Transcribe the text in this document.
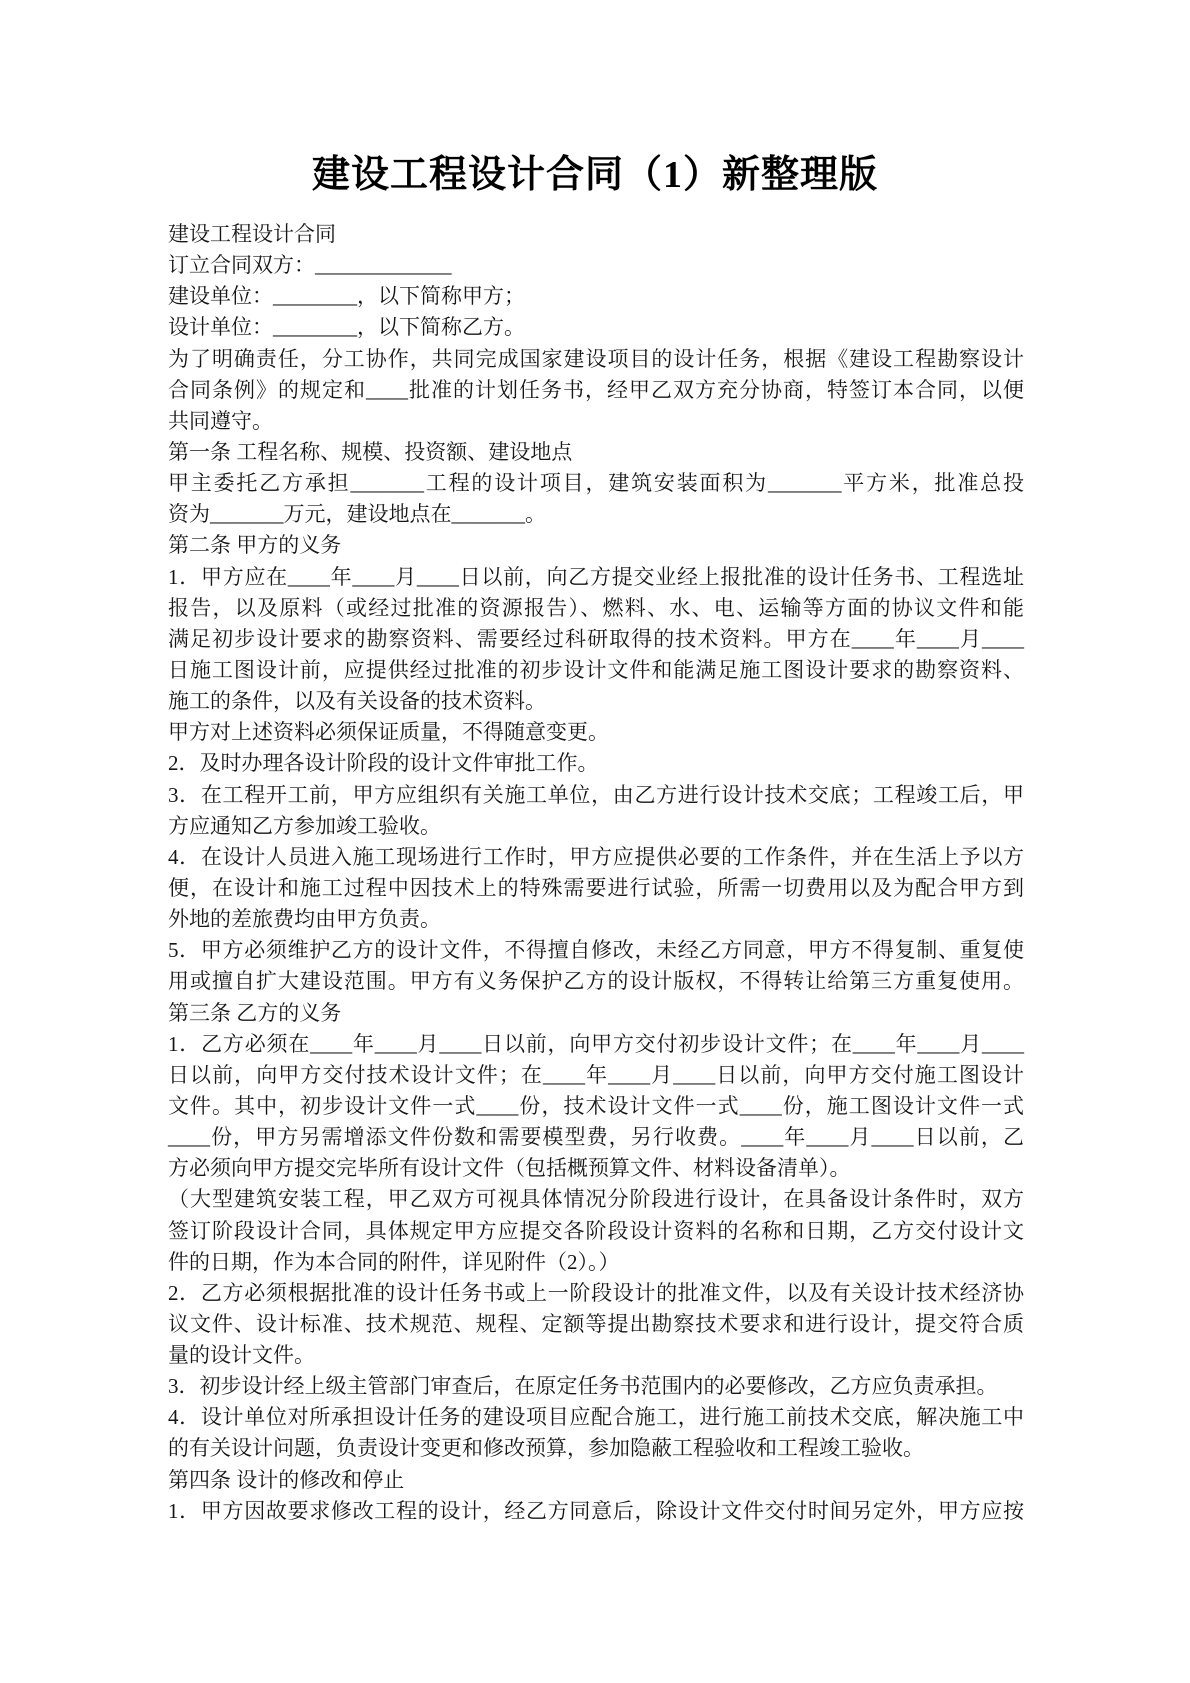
建设工程设计合同（1）新整理版
建设工程设计合同
订立合同双方：_____________
建设单位：________，以下简称甲方；
设计单位：________，以下简称乙方。
为了明确责任，分工协作，共同完成国家建设项目的设计任务，根据《建设工程勘察设计
合同条例》的规定和____批准的计划任务书，经甲乙双方充分协商，特签订本合同，以便
共同遵守。
第一条 工程名称、规模、投资额、建设地点
甲主委托乙方承担_______工程的设计项目，建筑安装面积为_______平方米，批准总投
资为_______万元，建设地点在_______。
第二条 甲方的义务
1．甲方应在____年____月____日以前，向乙方提交业经上报批准的设计任务书、工程选址
报告，以及原料（或经过批准的资源报告）、燃料、水、电、运输等方面的协议文件和能
满足初步设计要求的勘察资料、需要经过科研取得的技术资料。甲方在____年____月____
日施工图设计前，应提供经过批准的初步设计文件和能满足施工图设计要求的勘察资料、
施工的条件，以及有关设备的技术资料。
甲方对上述资料必须保证质量，不得随意变更。
2．及时办理各设计阶段的设计文件审批工作。
3．在工程开工前，甲方应组织有关施工单位，由乙方进行设计技术交底；工程竣工后，甲
方应通知乙方参加竣工验收。
4．在设计人员进入施工现场进行工作时，甲方应提供必要的工作条件，并在生活上予以方
便，在设计和施工过程中因技术上的特殊需要进行试验，所需一切费用以及为配合甲方到
外地的差旅费均由甲方负责。
5．甲方必须维护乙方的设计文件，不得擅自修改，未经乙方同意，甲方不得复制、重复使
用或擅自扩大建设范围。甲方有义务保护乙方的设计版权，不得转让给第三方重复使用。
第三条 乙方的义务
1．乙方必须在____年____月____日以前，向甲方交付初步设计文件；在____年____月____
日以前，向甲方交付技术设计文件；在____年____月____日以前，向甲方交付施工图设计
文件。其中，初步设计文件一式____份，技术设计文件一式____份，施工图设计文件一式
____份，甲方另需增添文件份数和需要模型费，另行收费。____年____月____日以前，乙
方必须向甲方提交完毕所有设计文件（包括概预算文件、材料设备清单）。
（大型建筑安装工程，甲乙双方可视具体情况分阶段进行设计，在具备设计条件时，双方
签订阶段设计合同，具体规定甲方应提交各阶段设计资料的名称和日期，乙方交付设计文
件的日期，作为本合同的附件，详见附件（2）。）
2．乙方必须根据批准的设计任务书或上一阶段设计的批准文件，以及有关设计技术经济协
议文件、设计标准、技术规范、规程、定额等提出勘察技术要求和进行设计，提交符合质
量的设计文件。
3．初步设计经上级主管部门审查后，在原定任务书范围内的必要修改，乙方应负责承担。
4．设计单位对所承担设计任务的建设项目应配合施工，进行施工前技术交底，解决施工中
的有关设计问题，负责设计变更和修改预算，参加隐蔽工程验收和工程竣工验收。
第四条 设计的修改和停止
1．甲方因故要求修改工程的设计，经乙方同意后，除设计文件交付时间另定外，甲方应按
